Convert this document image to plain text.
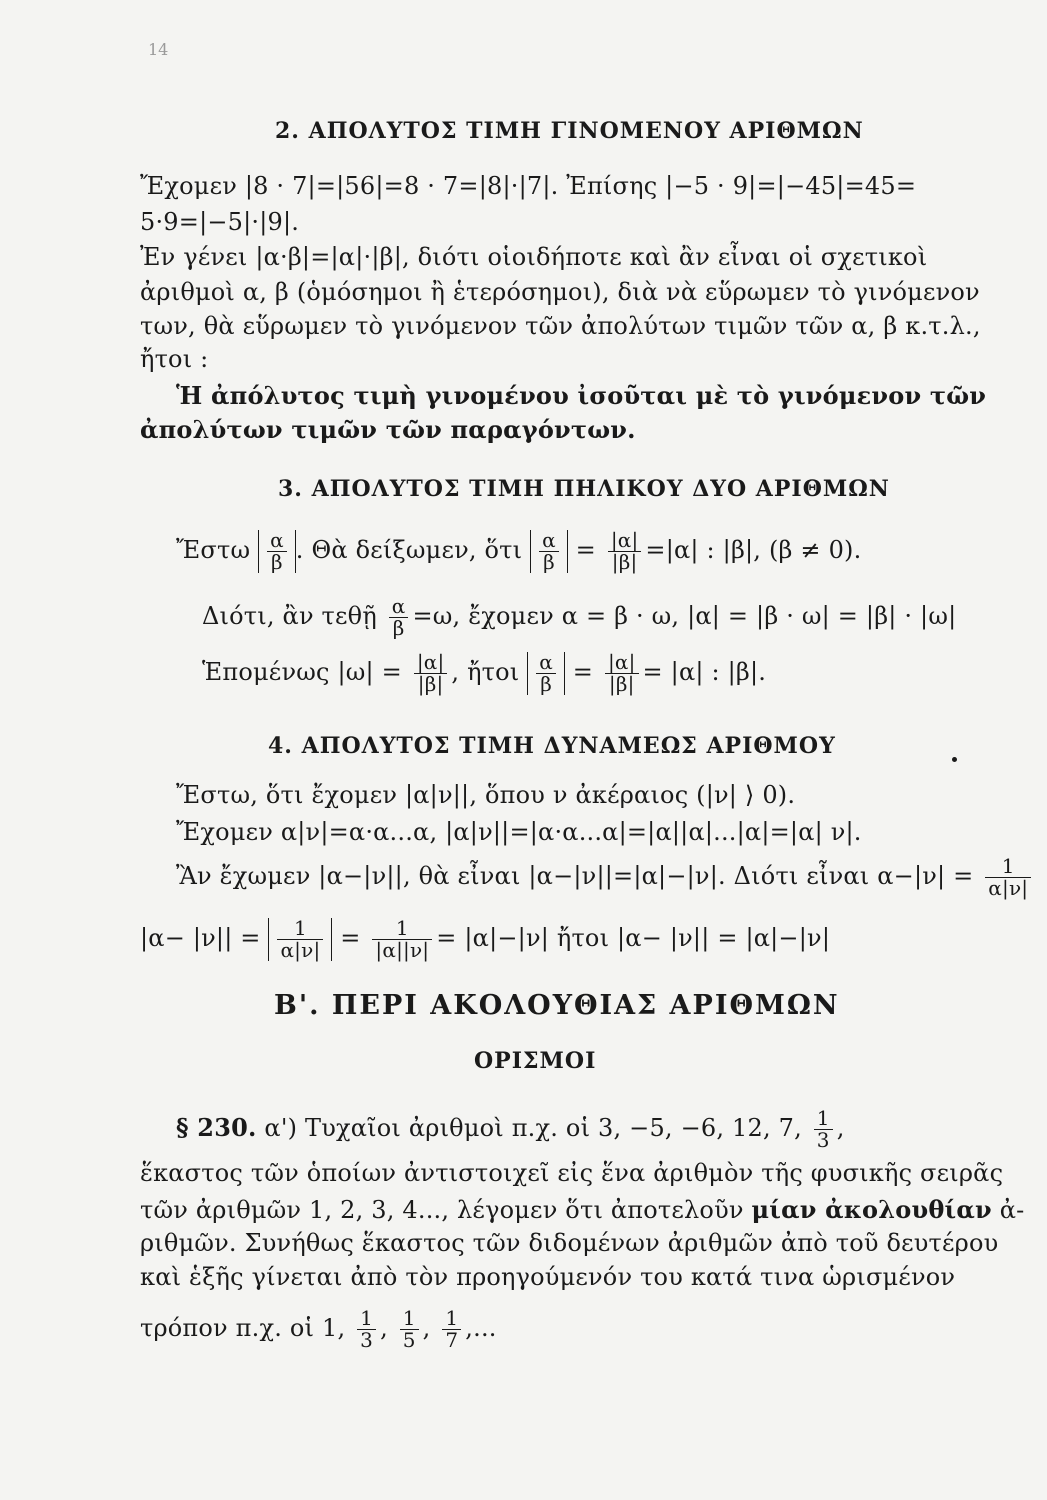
14
2. ΑΠΟΛΥΤΟΣ ΤΙΜΗ ΓΙΝΟΜΕΝΟΥ ΑΡΙΘΜΩΝ
Ἔχομεν |8 · 7|=|56|=8 · 7=|8|·|7|. Ἐπίσης |−5 · 9|=|−45|=45=
5·9=|−5|·|9|.
Ἐν γένει |α·β|=|α|·|β|, διότι οἱοιδήποτε καὶ ἂν εἶναι οἱ σχετικοὶ
ἀριθμοὶ α, β (ὁμόσημοι ἢ ἑτερόσημοι), διὰ νὰ εὕρωμεν τὸ γινόμενον
των, θὰ εὕρωμεν τὸ γινόμενον τῶν ἀπολύτων τιμῶν τῶν α, β κ.τ.λ.,
ἤτοι :
Ἡ ἀπόλυτος τιμὴ γινομένου ἰσοῦται μὲ τὸ γινόμενον τῶν
ἀπολύτων τιμῶν τῶν παραγόντων.
3. ΑΠΟΛΥΤΟΣ ΤΙΜΗ ΠΗΛΙΚΟΥ ΔΥΟ ΑΡΙΘΜΩΝ
Ἔστω $\frac{\alpha}{\beta}$ . Θὰ δείξωμεν, ὅτι $\frac{\alpha}{\beta} = \frac{|\alpha|}{|\beta|} =|\alpha|$ : |β|, (β ≠ 0).
Διότι, ἂν τεθῇ $\frac{\alpha}{\beta} =\omega$, ἔχομεν α = β · ω, |α| = |β · ω| = |β| · |ω|
Ἑπομένως $|\omega| = \frac{|\alpha|}{|\beta|}$ , ἤτοι $\frac{\alpha}{\beta} = \frac{|\alpha|}{|\beta|} = |\alpha|$ : |β|.
4. ΑΠΟΛΥΤΟΣ ΤΙΜΗ ΔΥΝΑΜΕΩΣ ΑΡΙΘΜΟΥ
Ἔστω, ὅτι ἔχομεν |α|ν||, ὅπου ν ἀκέραιος (|ν| ⟩ 0).
Ἔχομεν α|ν|=α·α...α, |α|ν||=|α·α...α|=|α||α|...|α|=|α| ν|.
Ἂν ἔχωμεν |α−|ν||, θὰ εἶναι |α−|ν||=|α|−|ν|. Διότι εἶναι $\alpha-|\nu| = \frac{1}{\alpha|\nu|}$
$|\alpha- |\nu|| = \frac{1}{\alpha|\nu|} = \frac{1}{|\alpha||\nu|} = |\alpha|-|\nu|$ ἤτοι |α− |ν|| = |α|−|ν|
Β'. ΠΕΡΙ ΑΚΟΛΟΥΘΙΑΣ ΑΡΙΘΜΩΝ
ΟΡΙΣΜΟΙ
§ 230. α') Τυχαῖοι ἀριθμοὶ π.χ. οἱ 3, −5, −6, 12, 7, $\frac{1}{3}$ ,
ἕκαστος τῶν ὁποίων ἀντιστοιχεῖ εἰς ἕνα ἀριθμὸν τῆς φυσικῆς σειρᾶς
τῶν ἀριθμῶν 1, 2, 3, 4..., λέγομεν ὅτι ἀποτελοῦν μίαν ἀκολουθίαν ἀ-
ριθμῶν. Συνήθως ἕκαστος τῶν διδομένων ἀριθμῶν ἀπὸ τοῦ δευτέρου
καὶ ἑξῆς γίνεται ἀπὸ τὸν προηγούμενόν του κατά τινα ὡρισμένον
τρόπον π.χ. οἱ 1, $\frac{1}{3}$ , $\frac{1}{5}$ , $\frac{1}{7}$ ,...
